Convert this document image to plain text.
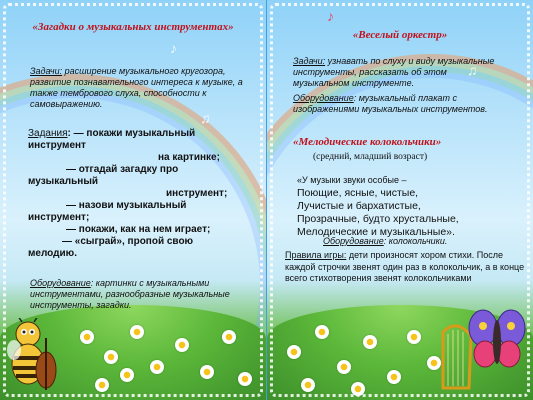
♪
♫
«Загадки о музыкальных инструментах»
Задачи: расширение музыкального кругозора, развитие познавательного интереса к музыке, а также тембрового слуха, способности к самовыражению.
Задания: — покажи музыкальный
инструмент
на картинке;
— отгадай загадку про
музыкальный
инструмент;
— назови музыкальный
инструмент;
— покажи, как на нем играет;
— «сыграй», пропой свою
мелодию.
Оборудование: картинки с музыкальными инструментами, разнообразные музыкальные инструменты, загадки.
♪
♫
«Веселый оркестр»
Задачи: узнавать по слуху и виду музыкальные инструменты, рассказать об этом музыкальном инструменте.
Оборудование: музыкальный плакат с изображениями музыкальных инструментов.
«Мелодические колокольчики»
(средний, младший возраст)
«У музыки звуки особые –
Поющие, ясные, чистые,
Лучистые и бархатистые,
Прозрачные, будто хрустальные,
Мелодические и музыкальные».
Оборудование: колокольчики.
Правила игры: дети произносят хором стихи. После каждой строчки звенят один раз в колокольчик, а в конце всего стихотворения звенят колокольчиками
